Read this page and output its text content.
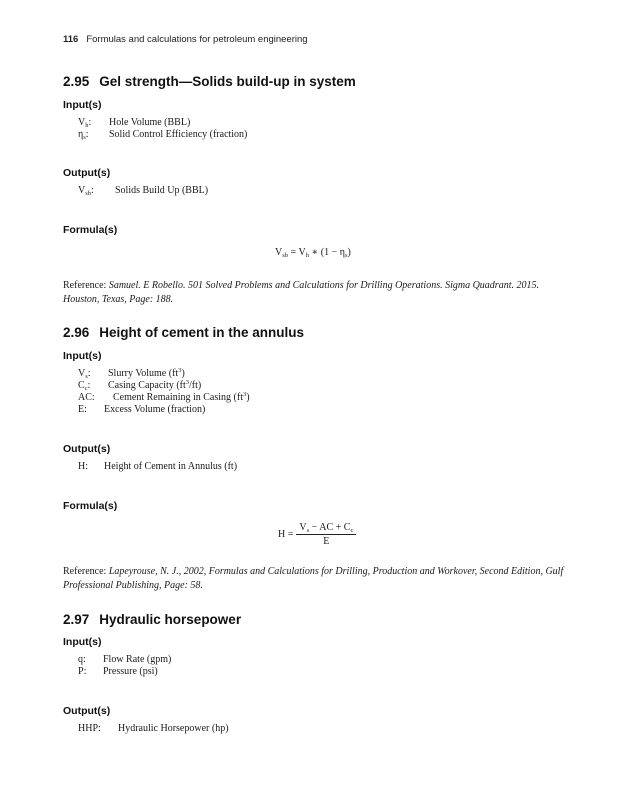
116 Formulas and calculations for petroleum engineering
2.95 Gel strength—Solids build-up in system
Input(s)
$V_h$: Hole Volume (BBL)
$\eta_s$: Solid Control Efficiency (fraction)
Output(s)
$V_{sb}$: Solids Build Up (BBL)
Formula(s)
$V_{sb} = V_h$ ∗ $(1 - \eta_s)$
Reference: Samuel. E Robello. 501 Solved Problems and Calculations for Drilling Operations. Sigma Quadrant. 2015. Houston, Texas, Page: 188.
2.96 Height of cement in the annulus
Input(s)
$V_s$: Slurry Volume $(ft^3)$
$C_c$: Casing Capacity $(ft^3/ft)$
AC: Cement Remaining in Casing $(ft^3)$
E: Excess Volume (fraction)
Output(s)
H: Height of Cement in Annulus (ft)
Formula(s)
$H = \frac{V_s - AC + C_c}{E}$
Reference: Lapeyrouse, N. J., 2002, Formulas and Calculations for Drilling, Production and Workover, Second Edition, Gulf Professional Publishing, Page: 58.
2.97 Hydraulic horsepower
Input(s)
q: Flow Rate (gpm)
P: Pressure (psi)
Output(s)
HHP: Hydraulic Horsepower (hp)
